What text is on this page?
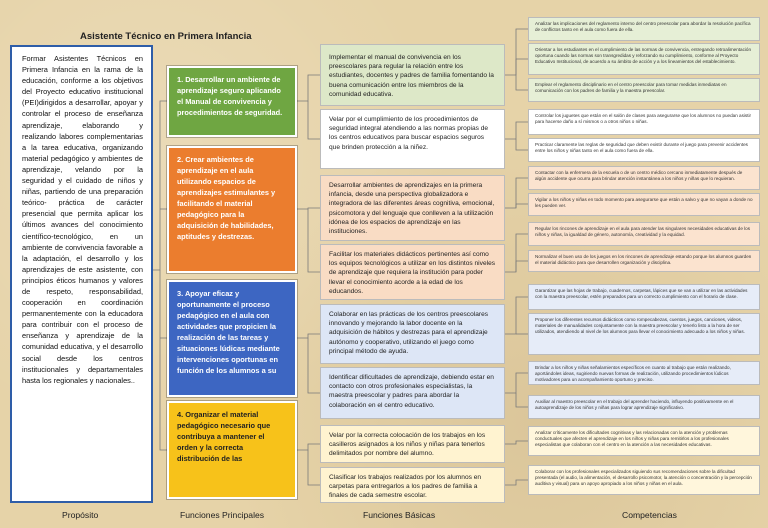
Asistente Técnico en Primera Infancia
Formar Asistentes Técnicos en Primera Infancia en la rama de la educación, conforme a los objetivos del Proyecto educativo institucional (PEI)dirigidos a desarrollar, apoyar y controlar el proceso de enseñanza aprendizaje, elaborando y realizando labores complementarias a la tarea educativa, organizando material pedagógico y ambientes de aprendizaje, velando por la seguridad y el cuidado de niños y niñas, partiendo de una preparación teórico- práctica de carácter presencial que permita aplicar los últimos avances del conocimiento científico-tecnológico, en un ambiente de convivencia favorable a la adaptación, el desarrollo y los aprendizajes de este asistente, con principios éticos humanos y valores de respeto, responsabilidad, cooperación en coordinación permanentemente con la educadora para contribuir con el proceso de enseñanza y aprendizaje de la comunidad educativa, y el desarrollo social desde los centros institucionales y departamentales hasta los regionales y nacionales..
1. Desarrollar un ambiente de aprendizaje seguro aplicando el Manual de convivencia y procedimientos de seguridad.
2. Crear ambientes de aprendizaje en el aula utilizando espacios de aprendizajes estimulantes y facilitando el material pedagógico para la adquisición de habilidades, aptitudes y destrezas.
3. Apoyar eficaz y oportunamente el proceso pedagógico en el aula con actividades que propicien la realización de las tareas y situaciones lúdicas mediante intervenciones oportunas en función de los alumnos a su
4. Organizar el material pedagógico necesario que contribuya a mantener el orden y la correcta distribución de las
Implementar el manual de convivencia en los preescolares para regular la relación entre los estudiantes, docentes y padres de familia fomentando la buena comunicación entre los miembros de la comunidad educativa.
Velar por el cumplimiento de los procedimientos de seguridad integral atendiendo a las normas propias de los centros educativos para buscar espacios seguros que brinden protección a la niñez.
Desarrollar ambientes de aprendizajes en la primera infancia, desde una perspectiva globalizadora e integradora de las diferentes áreas cognitiva, emocional, psicomotora y del lenguaje que conlleven a la utilización idónea de los espacios de aprendizaje en las instituciones.
Facilitar los materiales didácticos pertinentes así como los equipos tecnológicos a utilizar en los distintos niveles de aprendizaje que requiera la institución para poder llevar el conocimiento acorde a la edad de los educandos.
Colaborar en las prácticas de los centros preescolares innovando y mejorando la labor docente en la adquisición de hábitos y destrezas para el aprendizaje autónomo y cooperativo, utilizando el juego como principal método de ayuda.
Identificar dificultades de aprendizaje, debiendo estar en contacto con otros profesionales especialistas, la maestra preescolar y padres para abordar la colaboración en el centro educativo.
Velar por la correcta colocación de los trabajos en los casilleros asignados a los niños y niñas para tenerlos delimitados por nombre del alumno.
Clasificar los trabajos realizados por los alumnos en carpetas para entregarlos a los padres de familia a finales de cada semestre escolar.
Analizar las implicaciones del reglamento interno del centro preescolar para abordar la resolución pacífica de conflictos tanto en el aula como fuera de ella.
Orientar a los estudiantes en el cumplimiento de las normas de convivencia, entregando retroalimentación oportuna cuando las normas son transgredidas y reforzando su cumplimiento, conforme al Proyecto Educativo Institucional, de acuerdo a su ámbito de acción y a los lineamientos del establecimiento.
Emplear el reglamento disciplinario en el centro preescolar para tomar medidas inmediatas en comunicación con los padres de familia y la maestra preescolar.
Controlar los juguetes que están en el salón de clases para asegurarse que los alumnos no puedan asistir para hacerse daño a sí mismos o a otros niños o niñas.
Practicar claramente las reglas de seguridad que deben existir durante el juego para prevenir accidentes entre los niños y niñas tanto en el aula como fuera de ella.
Contactar con la enfermera de la escuela o de un centro médico cercano inmediatamente después de algún accidente que ocurra para brindar atención instantánea a los niños y niñas que lo requieran.
Vigilar a los niños y niñas en todo momento para asegurarse que están a salvo y que no vayan a donde no les pueden ver.
Regular los rincones de aprendizaje en el aula para atender las singulares necesidades educativas de los niños y niñas, la igualdad de género, autonomía, creatividad y la equidad.
Normalizar el buen uso de los juegos en los rincones de aprendizaje estando porque los alumnos guarden el material didáctico para que desarrollen organización y disciplina.
Garantizar que las hojas de trabajo, cuadernos, carpetas, lápices que se van a utilizar en las actividades con la maestra preescolar, estén preparados para un correcto cumplimiento con el horario de clase.
Proponer los diferentes recursos didácticos como rompecabezas, cuentos, juegos, canciones, videos, materiales de manualidades conjuntamente con la maestra preescolar y tenerlo listo a la hora de ser utilizados, atendiendo al nivel de los alumnos para llevar el conocimiento adecuado a los niños y niñas.
Brindar a los niños y niñas señalamientos específicos en cuanto al trabajo que están realizando, aportándoles ideas, sugiriendo nuevas formas de realización, utilizando procedimientos lúdicos motivadores para un acompañamiento oportuno y preciso.
Auxiliar al maestro preescolar en el trabajo del aprender haciendo, influyendo positivamente en el autoaprendizaje de los niños y niñas para lograr aprendizaje significativo.
Analizar críticamente los dificultades cognitivas y las relacionadas con la atención y problemas conductuales que afecten el aprendizaje en los niños y niñas para remitirlos a los profesionales especialistas que colaboran con el centro en la atención a las necesidades educativas.
Colaborar con los profesionales especializados siguiendo sus recomendaciones sobre la dificultad presentada (el audio, la alimentación, el desarrollo psicomotor, la atención o concentración y la percepción auditiva y visual) para un apoyo apropiado a los niños y niñas en el aula.
Propósito	Funciones Principales	Funciones Básicas	Competencias
